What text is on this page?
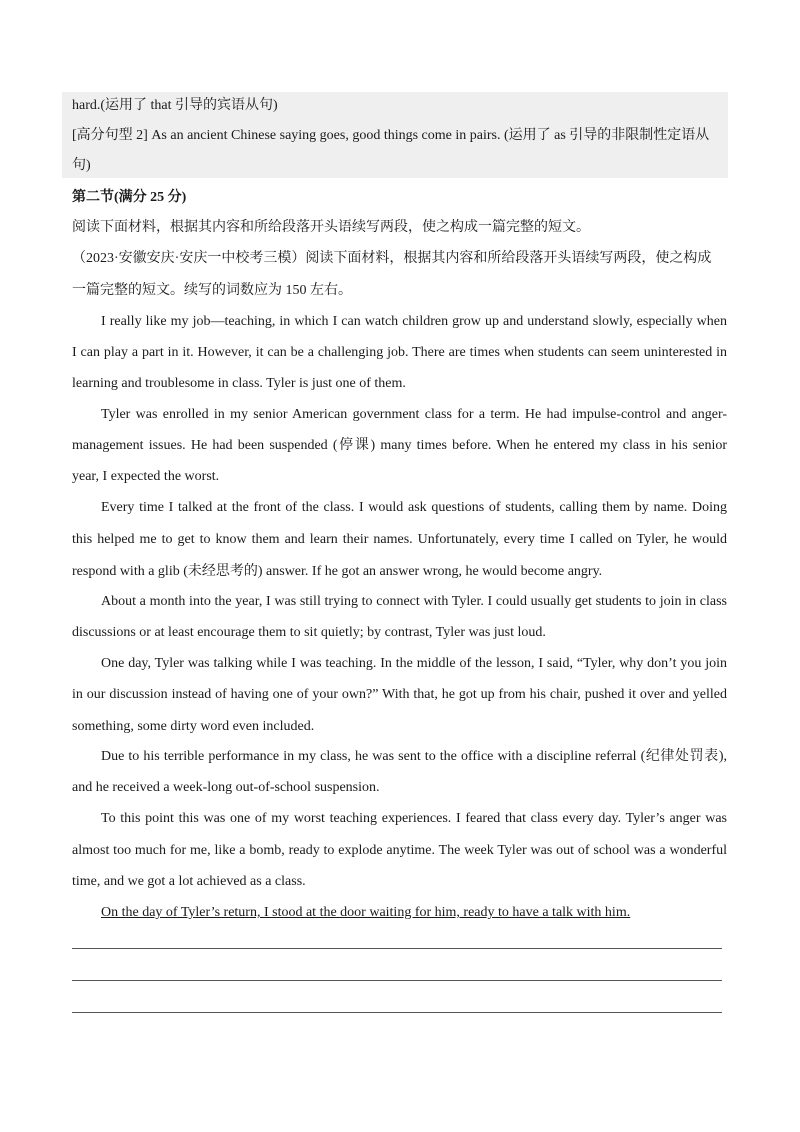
hard.(运用了 that 引导的宾语从句)
[高分句型 2] As an ancient Chinese saying goes, good things come in pairs. (运用了 as 引导的非限制性定语从
句)
第二节(满分 25 分)
阅读下面材料，根据其内容和所给段落开头语续写两段，使之构成一篇完整的短文。
（2023·安徽安庆·安庆一中校考三模）阅读下面材料，根据其内容和所给段落开头语续写两段，使之构成
一篇完整的短文。续写的词数应为 150 左右。
I really like my job—teaching, in which I can watch children grow up and understand slowly, especially when
I can play a part in it. However, it can be a challenging job. There are times when students can seem uninterested in
learning and troublesome in class. Tyler is just one of them.
Tyler was enrolled in my senior American government class for a term. He had impulse-control and anger-
management issues. He had been suspended (停课) many times before. When he entered my class in his senior
year, I expected the worst.
Every time I talked at the front of the class. I would ask questions of students, calling them by name. Doing
this helped me to get to know them and learn their names. Unfortunately, every time I called on Tyler, he would
respond with a glib (未经思考的) answer. If he got an answer wrong, he would become angry.
About a month into the year, I was still trying to connect with Tyler. I could usually get students to join in class
discussions or at least encourage them to sit quietly; by contrast, Tyler was just loud.
One day, Tyler was talking while I was teaching. In the middle of the lesson, I said, “Tyler, why don’t you join
in our discussion instead of having one of your own?” With that, he got up from his chair, pushed it over and yelled
something, some dirty word even included.
Due to his terrible performance in my class, he was sent to the office with a discipline referral (纪律处罚表),
and he received a week-long out-of-school suspension.
To this point this was one of my worst teaching experiences. I feared that class every day. Tyler’s anger was
almost too much for me, like a bomb, ready to explode anytime. The week Tyler was out of school was a wonderful
time, and we got a lot achieved as a class.
On the day of Tyler’s return, I stood at the door waiting for him, ready to have a talk with him.
